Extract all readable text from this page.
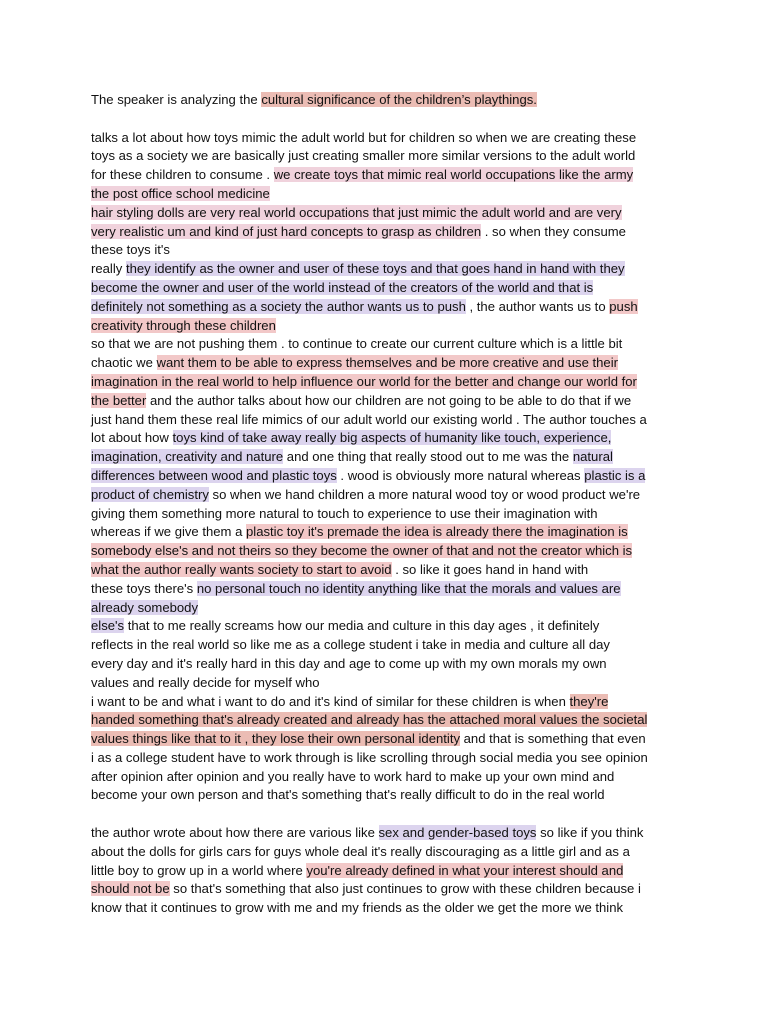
The speaker is analyzing the cultural significance of the children’s playthings.
talks a lot about how toys mimic the adult world but for children so when we are creating these
toys as a society we are basically just creating smaller more similar versions to the adult world
for these children to consume . we create toys that mimic real world occupations like the army
the post office school medicine
hair styling dolls are very real world occupations that just mimic the adult world and are very
very realistic um and kind of just hard concepts to grasp as children . so when they consume
these toys it's
really they identify as the owner and user of these toys and that goes hand in hand with they
become the owner and user of the world instead of the creators of the world and that is
definitely not something as a society the author wants us to push , the author wants us to push
creativity through these children
so that we are not pushing them . to continue to create our current culture which is a little bit
chaotic we want them to be able to express themselves and be more creative and use their
imagination in the real world to help influence our world for the better and change our world for
the better and the author talks about how our children are not going to be able to do that if we
just hand them these real life mimics of our adult world our existing world . The author touches a
lot about how toys kind of take away really big aspects of humanity like touch, experience,
imagination, creativity and nature and one thing that really stood out to me was the natural
differences between wood and plastic toys . wood is obviously more natural whereas plastic is a
product of chemistry so when we hand children a more natural wood toy or wood product we're
giving them something more natural to touch to experience to use their imagination with
whereas if we give them a plastic toy it's premade the idea is already there the imagination is
somebody else's and not theirs so they become the owner of that and not the creator which is
what the author really wants society to start to avoid . so like it goes hand in hand with
these toys there's no personal touch no identity anything like that the morals and values are
already somebody
else's that to me really screams how our media and culture in this day ages , it definitely
reflects in the real world so like me as a college student i take in media and culture all day
every day and it's really hard in this day and age to come up with my own morals my own
values and really decide for myself who
i want to be and what i want to do and it's kind of similar for these children is when they're
handed something that's already created and already has the attached moral values the societal
values things like that to it , they lose their own personal identity and that is something that even
i as a college student have to work through is like scrolling through social media you see opinion
after opinion after opinion and you really have to work hard to make up your own mind and
become your own person and that's something that's really difficult to do in the real world
the author wrote about how there are various like sex and gender-based toys so like if you think
about the dolls for girls cars for guys whole deal it's really discouraging as a little girl and as a
little boy to grow up in a world where you're already defined in what your interest should and
should not be so that's something that also just continues to grow with these children because i
know that it continues to grow with me and my friends as the older we get the more we think
